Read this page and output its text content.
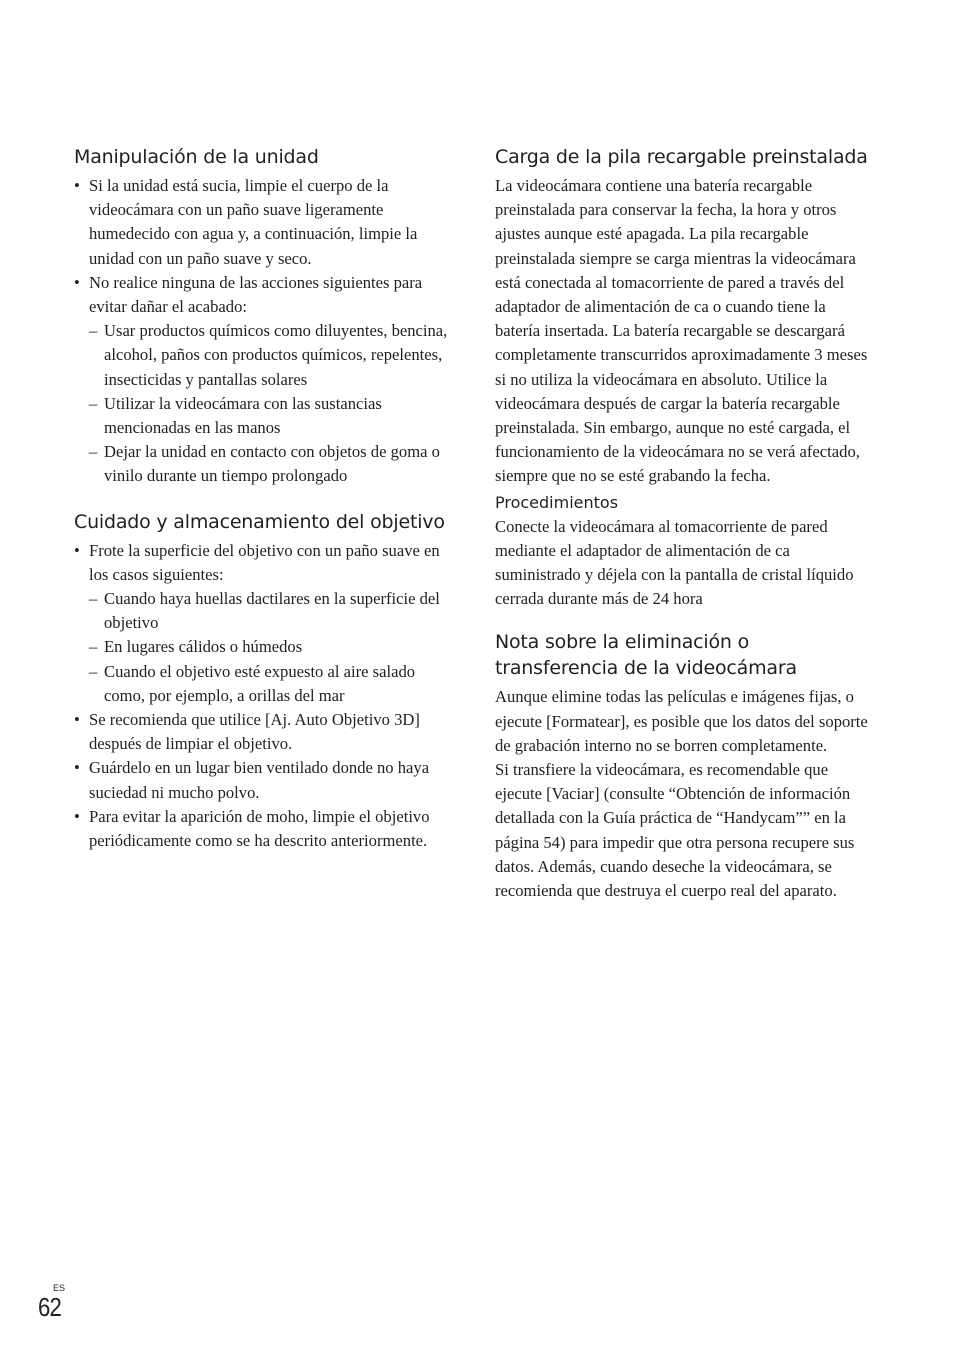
Manipulación de la unidad
• Si la unidad está sucia, limpie el cuerpo de la videocámara con un paño suave ligeramente humedecido con agua y, a continuación, limpie la unidad con un paño suave y seco.
• No realice ninguna de las acciones siguientes para evitar dañar el acabado:
– Usar productos químicos como diluyentes, bencina, alcohol, paños con productos químicos, repelentes, insecticidas y pantallas solares
– Utilizar la videocámara con las sustancias mencionadas en las manos
– Dejar la unidad en contacto con objetos de goma o vinilo durante un tiempo prolongado
Cuidado y almacenamiento del objetivo
• Frote la superficie del objetivo con un paño suave en los casos siguientes:
– Cuando haya huellas dactilares en la superficie del objetivo
– En lugares cálidos o húmedos
– Cuando el objetivo esté expuesto al aire salado como, por ejemplo, a orillas del mar
• Se recomienda que utilice [Aj. Auto Objetivo 3D] después de limpiar el objetivo.
• Guárdelo en un lugar bien ventilado donde no haya suciedad ni mucho polvo.
• Para evitar la aparición de moho, limpie el objetivo periódicamente como se ha descrito anteriormente.
Carga de la pila recargable preinstalada

La videocámara contiene una batería recargable preinstalada para conservar la fecha, la hora y otros ajustes aunque esté apagada. La pila recargable preinstalada siempre se carga mientras la videocámara está conectada al tomacorriente de pared a través del adaptador de alimentación de ca o cuando tiene la batería insertada. La batería recargable se descargará completamente transcurridos aproximadamente 3 meses si no utiliza la videocámara en absoluto. Utilice la videocámara después de cargar la batería recargable preinstalada. Sin embargo, aunque no esté cargada, el funcionamiento de la videocámara no se verá afectado, siempre que no se esté grabando la fecha.

Procedimientos

Conecte la videocámara al tomacorriente de pared mediante el adaptador de alimentación de ca suministrado y déjela con la pantalla de cristal líquido cerrada durante más de 24 hora

Nota sobre la eliminación o transferencia de la videocámara

Aunque elimine todas las películas e imágenes fijas, o ejecute [Formatear], es posible que los datos del soporte de grabación interno no se borren completamente.

Si transfiere la videocámara, es recomendable que ejecute [Vaciar] (consulte “Obtención de información detallada con la Guía práctica de “Handycam”” en la página 54) para impedir que otra persona recupere sus datos. Además, cuando deseche la videocámara, se recomienda que destruya el cuerpo real del aparato.

ES
62
